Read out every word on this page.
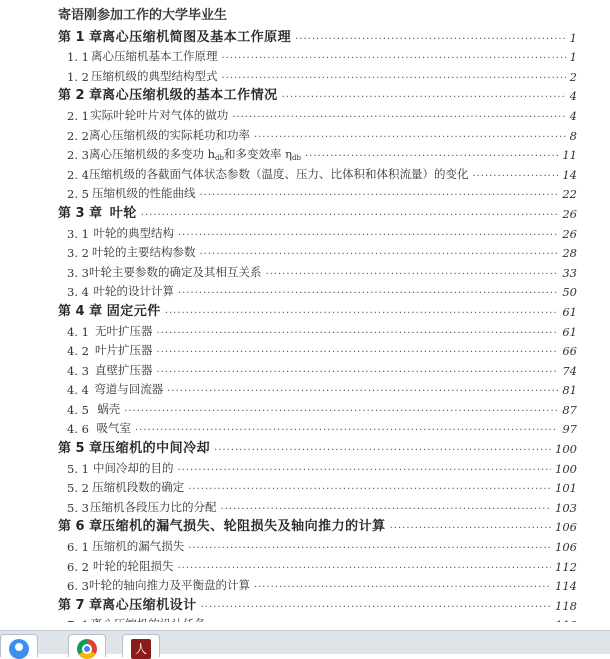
寄语刚参加工作的大学毕业生
第 1 章 离心压缩机简图及基本工作原理 ·····	1
1. 1 离心压缩机基本工作原理 ·····	1
1. 2 压缩机级的典型结构型式 ·····	2
第 2 章 离心压缩机级的基本工作情况 ·····	4
2. 1 实际叶轮叶片对气体的做功 ·····	4
2. 2 离心压缩机级的实际耗功和功率 ·····	8
2. 3 离心压缩机级的多变功 $h_{db}$和多变效率 $\eta_{db}$ ·····	11
2. 4 压缩机级的各截面气体状态参数（温度、压力、比体积和体积流量）的变化 ·····	14
2. 5 压缩机级的性能曲线 ·····	22
第 3 章 叶轮 ·····	26
3. 1 叶轮的典型结构 ·····	26
3. 2 叶轮的主要结构参数 ·····	28
3. 3 叶轮主要参数的确定及其相互关系 ·····	33
3. 4 叶轮的设计计算 ·····	50
第 4 章 固定元件 ·····	61
4. 1 无叶扩压器 ·····	61
4. 2 叶片扩压器 ·····	66
4. 3 直壁扩压器 ·····	74
4. 4 弯道与回流器 ·····	81
4. 5 蜗壳 ·····	87
4. 6 吸气室 ·····	97
第 5 章 压缩机的中间冷却 ·····	100
5. 1 中间冷却的目的 ·····	100
5. 2 压缩机段数的确定 ·····	101
5. 3 压缩机各段压力比的分配 ·····	103
第 6 章 压缩机的漏气损失、轮阻损失及轴向推力的计算 ·····	106
6. 1 压缩机的漏气损失 ·····	106
6. 2 叶轮的轮阻损失 ·····	112
6. 3 叶轮的轴向推力及平衡盘的计算 ·····	114
第 7 章 离心压缩机设计 ·····	118
·····
人
